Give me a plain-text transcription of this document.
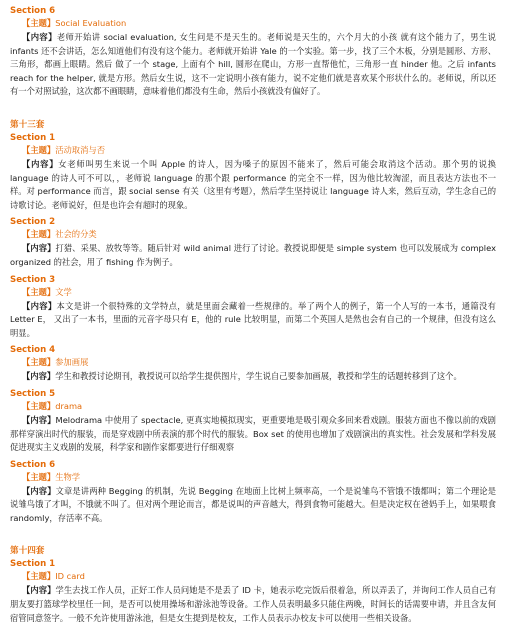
Section 6
【主题】Social Evaluation

【内容】老师开始讲 social evaluation, 女生问是不是天生的。老师说是天生的，六个月大的小孩 就有这个能力了，男生说 infants 还不会讲话，怎么知道他们有没有这个能力。老师就开始讲 Yale 的一个实验。第一步，找了三个木板，分别是圆形、方形、三角形，都画上眼睛。然后 做了一个 stage, 上面有个 hill, 圆形在爬山，方形一直帮他忙，三角形一直 hinder 他。之后 infants reach for the helper, 就是方形。然后女生说，这不一定说明小孩有能力，说不定他们就是喜欢某个形状什么的。老师说，所以还有一个对照试验，这次都不画眼睛，意味着他们都没有生命，然后小孩就没有偏好了。

第十三套
Section 1
【主题】活动取消与否

【内容】女老师叫男生来说一个叫 Apple 的诗人，因为嗓子的原因不能来了，然后可能会取消这个活动。那个男的说换 language 的诗人可不可以，，老师说 language 的那个跟 performance 的完全不一样，因为他比较淘涩，而且表达方法也不一样。对 performance 而言，跟 social sense 有关（这里有考题），然后学生坚持说让 language 诗人来，然后互动，学生念自己的诗歌讨论。老师说好，但是也许会有超时的现象。

Section 2
【主题】社会的分类

【内容】打猎、采果、放牧等等。随后针对 wild animal 进行了讨论。教授说即便是 simple system 也可以发展成为 complex organized 的社会，用了 fishing 作为例子。

Section 3
【主题】文学

【内容】本文是讲一个很特殊的文学特点，就是里面会藏着一些规律的。举了两个人的例子，第一个人写的一本书，通篇没有 Letter E， 又出了一本书，里面的元音字母只有 E，他的 rule 比较明显，而第二个英国人是然也会有自己的一个规律，但没有这么明显。

Section 4
【主题】参加画展

【内容】学生和教授讨论期刊，教授说可以给学生提供图片，学生说自己要参加画展，教授和学生的话题转移到了这个。

Section 5
【主题】drama

【内容】Melodrama 中使用了 spectacle, 更真实地模拟现实，更重要地是吸引观众多回来看戏剧。服装方面也不像以前的戏剧那样穿演出时代的服装，而是穿戏剧中所表演的那个时代的服装。Box set 的使用也增加了戏剧演出的真实性。社会发展和学科发展促进现实主义戏剧的发展，科学家和剧作家都要进行仔细观察

Section 6
【主题】生物学

【内容】文章是讲两种 Begging 的机制，先说 Begging 在地面上比树上频率高，一个是说雏鸟不管饿不饿都叫；第二个理论是说雏鸟饿了才叫，不饿就不叫了。但对两个理论而言，都是说叫的声音越大，得到食物可能越大。但是决定权在爸妈手上，如果喂食 randomly，存活率不高。

第十四套
Section 1
【主题】ID card

【内容】学生去找工作人员，正好工作人员问她是不是丢了 ID 卡，她表示吃完饭后很着急，所以弄丢了，并询问工作人员自己有朋友要打篮球学校里任一间，是否可以使用操场和游泳池等设备。工作人员表明最多只能住两晚，时间长的话需要申请，并且含友何宿管同意签字。一般不允许使用游泳池，但是女生提到是校友，工作人员表示办校友卡可以使用一些相关设备。
